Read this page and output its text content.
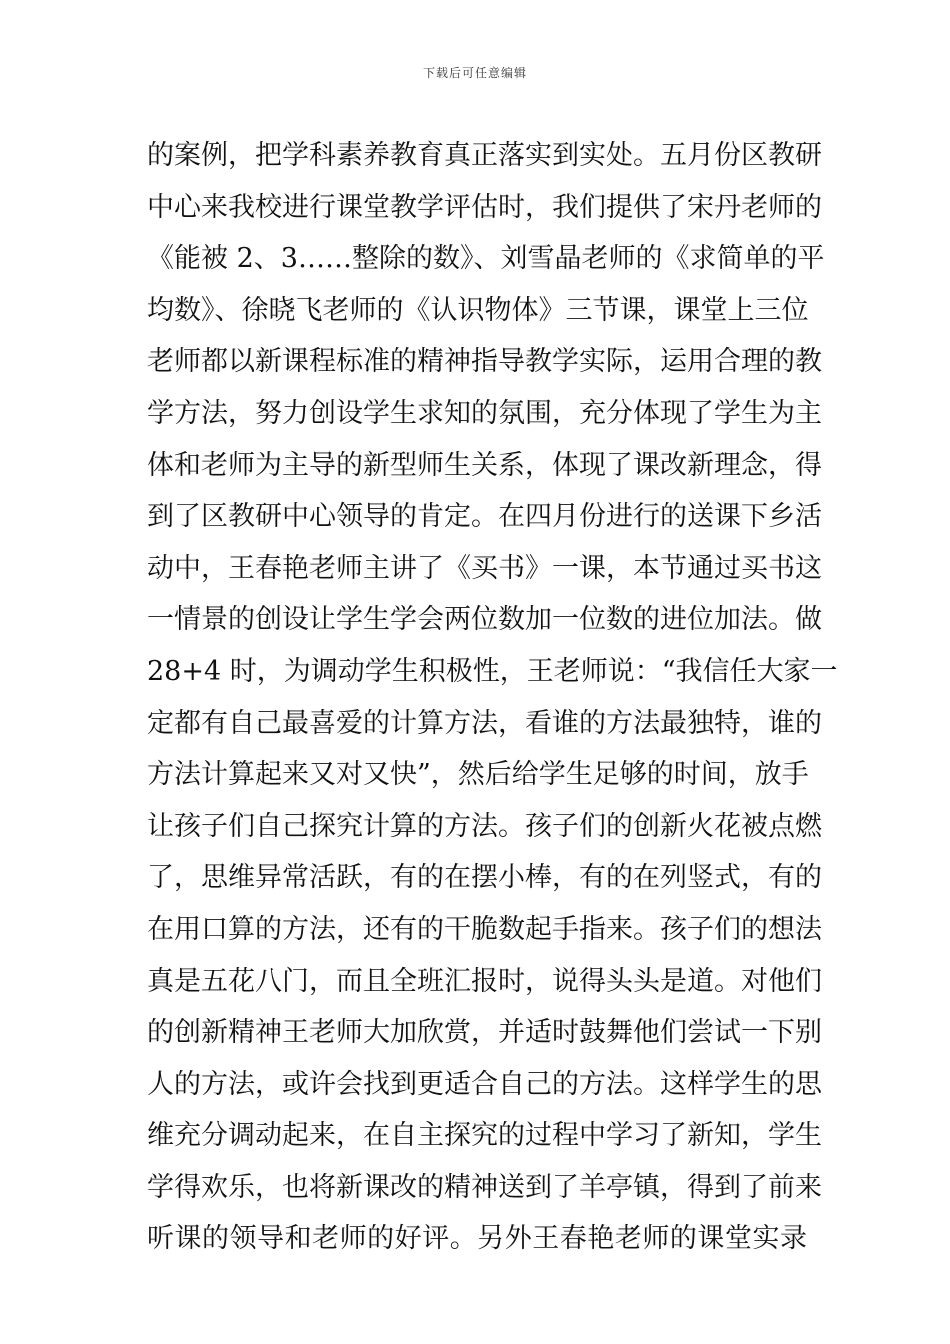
下载后可任意编辑
的案例，把学科素养教育真正落实到实处。五月份区教研
中心来我校进行课堂教学评估时，我们提供了宋丹老师的
《能被 2、3……整除的数》、刘雪晶老师的《求简单的平
均数》、徐晓飞老师的《认识物体》三节课，课堂上三位
老师都以新课程标准的精神指导教学实际，运用合理的教
学方法，努力创设学生求知的氛围，充分体现了学生为主
体和老师为主导的新型师生关系，体现了课改新理念，得
到了区教研中心领导的肯定。在四月份进行的送课下乡活
动中，王春艳老师主讲了《买书》一课，本节通过买书这
一情景的创设让学生学会两位数加一位数的进位加法。做
28+4 时，为调动学生积极性，王老师说：“我信任大家一
定都有自己最喜爱的计算方法，看谁的方法最独特，谁的
方法计算起来又对又快”，然后给学生足够的时间，放手
让孩子们自己探究计算的方法。孩子们的创新火花被点燃
了，思维异常活跃，有的在摆小棒，有的在列竖式，有的
在用口算的方法，还有的干脆数起手指来。孩子们的想法
真是五花八门，而且全班汇报时，说得头头是道。对他们
的创新精神王老师大加欣赏，并适时鼓舞他们尝试一下别
人的方法，或许会找到更适合自己的方法。这样学生的思
维充分调动起来，在自主探究的过程中学习了新知，学生
学得欢乐，也将新课改的精神送到了羊亭镇，得到了前来
听课的领导和老师的好评。另外王春艳老师的课堂实录
